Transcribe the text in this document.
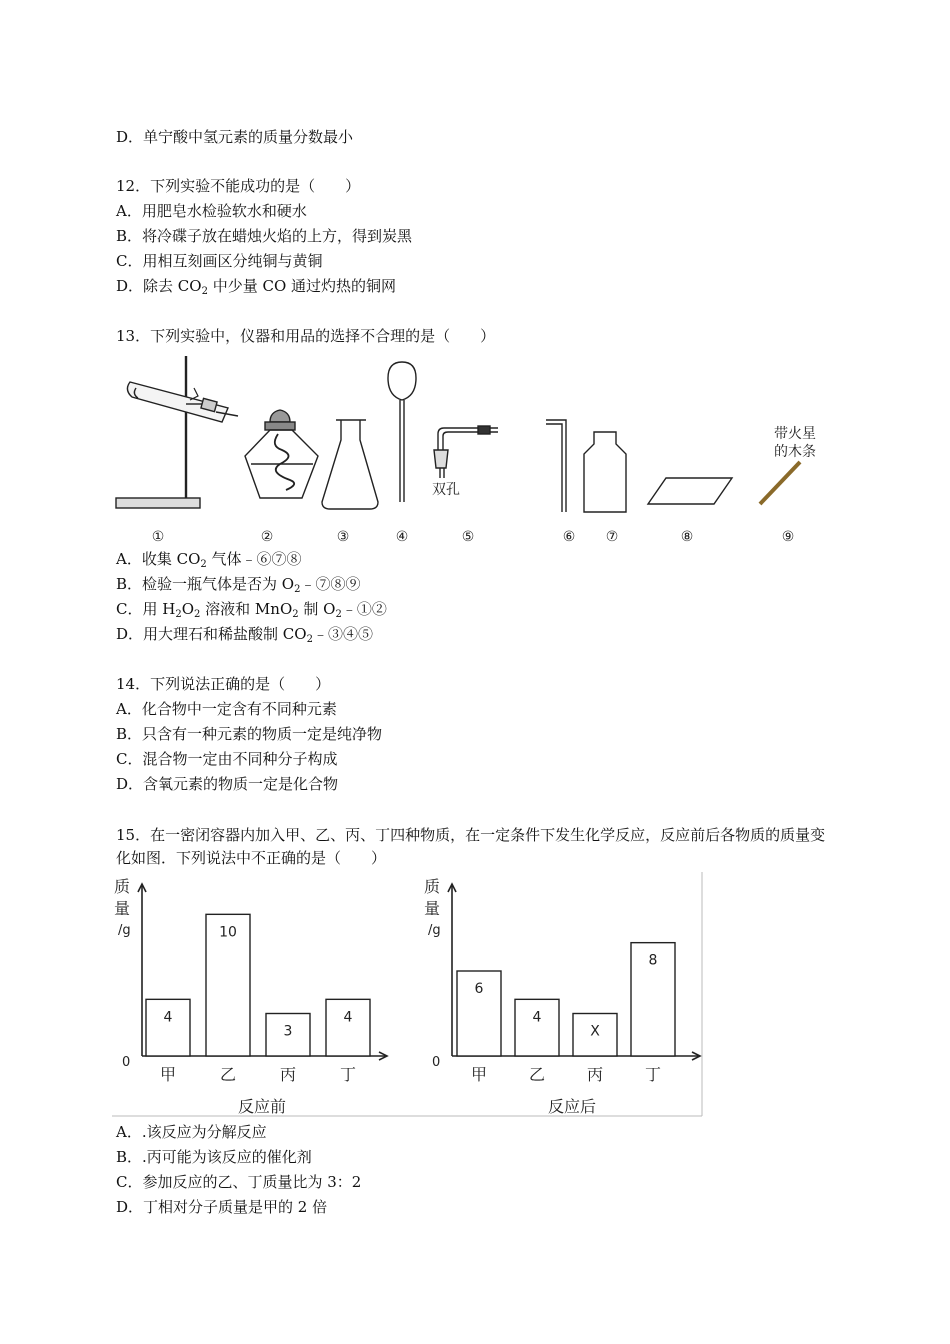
D．单宁酸中氢元素的质量分数最小
12．下列实验不能成功的是（　　）
A．用肥皂水检验软水和硬水
B．将冷碟子放在蜡烛火焰的上方，得到炭黑
C．用相互刻画区分纯铜与黄铜
D．除去 $CO_2$ 中少量 CO 通过灼热的铜网
13．下列实验中，仪器和用品的选择不合理的是（　　）
双孔
带火星
的木条
①	②	③	④	⑤	⑥ ⑦	⑧	⑨
A．收集 $CO_2$ 气体﹣⑥⑦⑧
B．检验一瓶气体是否为 $O_2﹣⑦⑧⑨$
C．用 $H_2O_2$ 溶液和 MnO$_2$ 制 $O_2﹣①②$
D．用大理石和稀盐酸制 $CO_2﹣③④⑤$
14．下列说法正确的是（　　）
A．化合物中一定含有不同种元素
B．只含有一种元素的物质一定是纯净物
C．混合物一定由不同种分子构成
D．含氧元素的物质一定是化合物
15．在一密闭容器内加入甲、乙、丙、丁四种物质，在一定条件下发生化学反应，反应前后各物质的质量变化如图．下列说法中不正确的是（　　）
质
量
/g
0
4
甲
10
乙
3
丙
4
丁
反应前
质
量
/g
0
6
甲
4
乙
X
丙
8
丁
反应后
A．.该反应为分解反应
B．.丙可能为该反应的催化剂
C．参加反应的乙、丁质量比为 3：2
D．丁相对分子质量是甲的 2 倍
